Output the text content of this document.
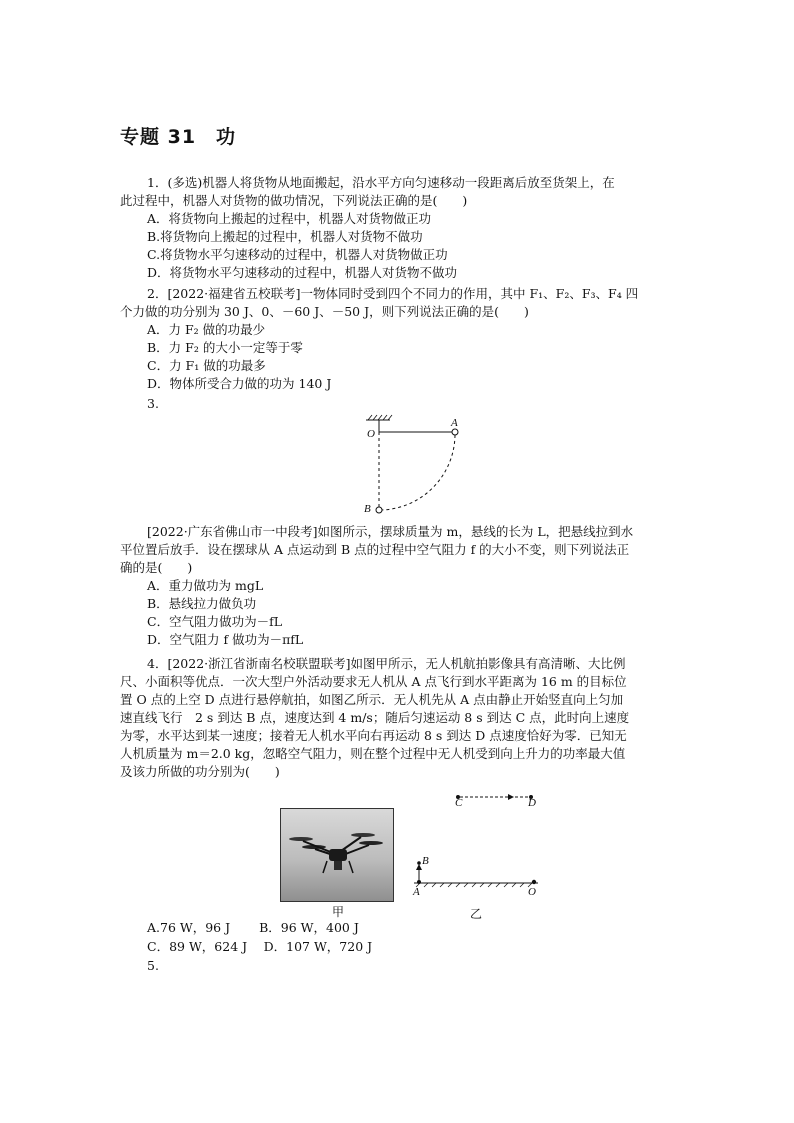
专题 31　功
1．(多选)机器人将货物从地面搬起，沿水平方向匀速移动一段距离后放至货架上，在
此过程中，机器人对货物的做功情况，下列说法正确的是(　　)
A．将货物向上搬起的过程中，机器人对货物做正功
B.将货物向上搬起的过程中，机器人对货物不做功
C.将货物水平匀速移动的过程中，机器人对货物做正功
D．将货物水平匀速移动的过程中，机器人对货物不做功
2．[2022·福建省五校联考]一物体同时受到四个不同力的作用，其中 F₁、F₂、F₃、F₄ 四
个力做的功分别为 30 J、0、－60 J、－50 J，则下列说法正确的是(　　)
A．力 F₂ 做的功最少
B．力 F₂ 的大小一定等于零
C．力 F₁ 做的功最多
D．物体所受合力做的功为 140 J
3.
O
A
B
[2022·广东省佛山市一中段考]如图所示，摆球质量为 m，悬线的长为 L，把悬线拉到水
平位置后放手．设在摆球从 A 点运动到 B 点的过程中空气阻力 f 的大小不变，则下列说法正
确的是(　　)
A．重力做功为 mgL
B．悬线拉力做负功
C．空气阻力做功为－fL
D．空气阻力 f 做功为－πfL
4．[2022·浙江省浙南名校联盟联考]如图甲所示，无人机航拍影像具有高清晰、大比例
尺、小面积等优点．一次大型户外活动要求无人机从 A 点飞行到水平距离为 16 m 的目标位
置 O 点的上空 D 点进行悬停航拍，如图乙所示．无人机先从 A 点由静止开始竖直向上匀加
速直线飞行　2 s 到达 B 点，速度达到 4 m/s；随后匀速运动 8 s 到达 C 点，此时向上速度
为零，水平达到某一速度；接着无人机水平向右再运动 8 s 到达 D 点速度恰好为零．已知无
人机质量为 m＝2.0 kg，忽略空气阻力，则在整个过程中无人机受到向上升力的功率最大值
及该力所做的功分别为(　　)
甲
C	D
B
A	O
乙
A.76 W，96 J　　 B．96 W，400 J
C．89 W，624 J　 D．107 W，720 J
5.
